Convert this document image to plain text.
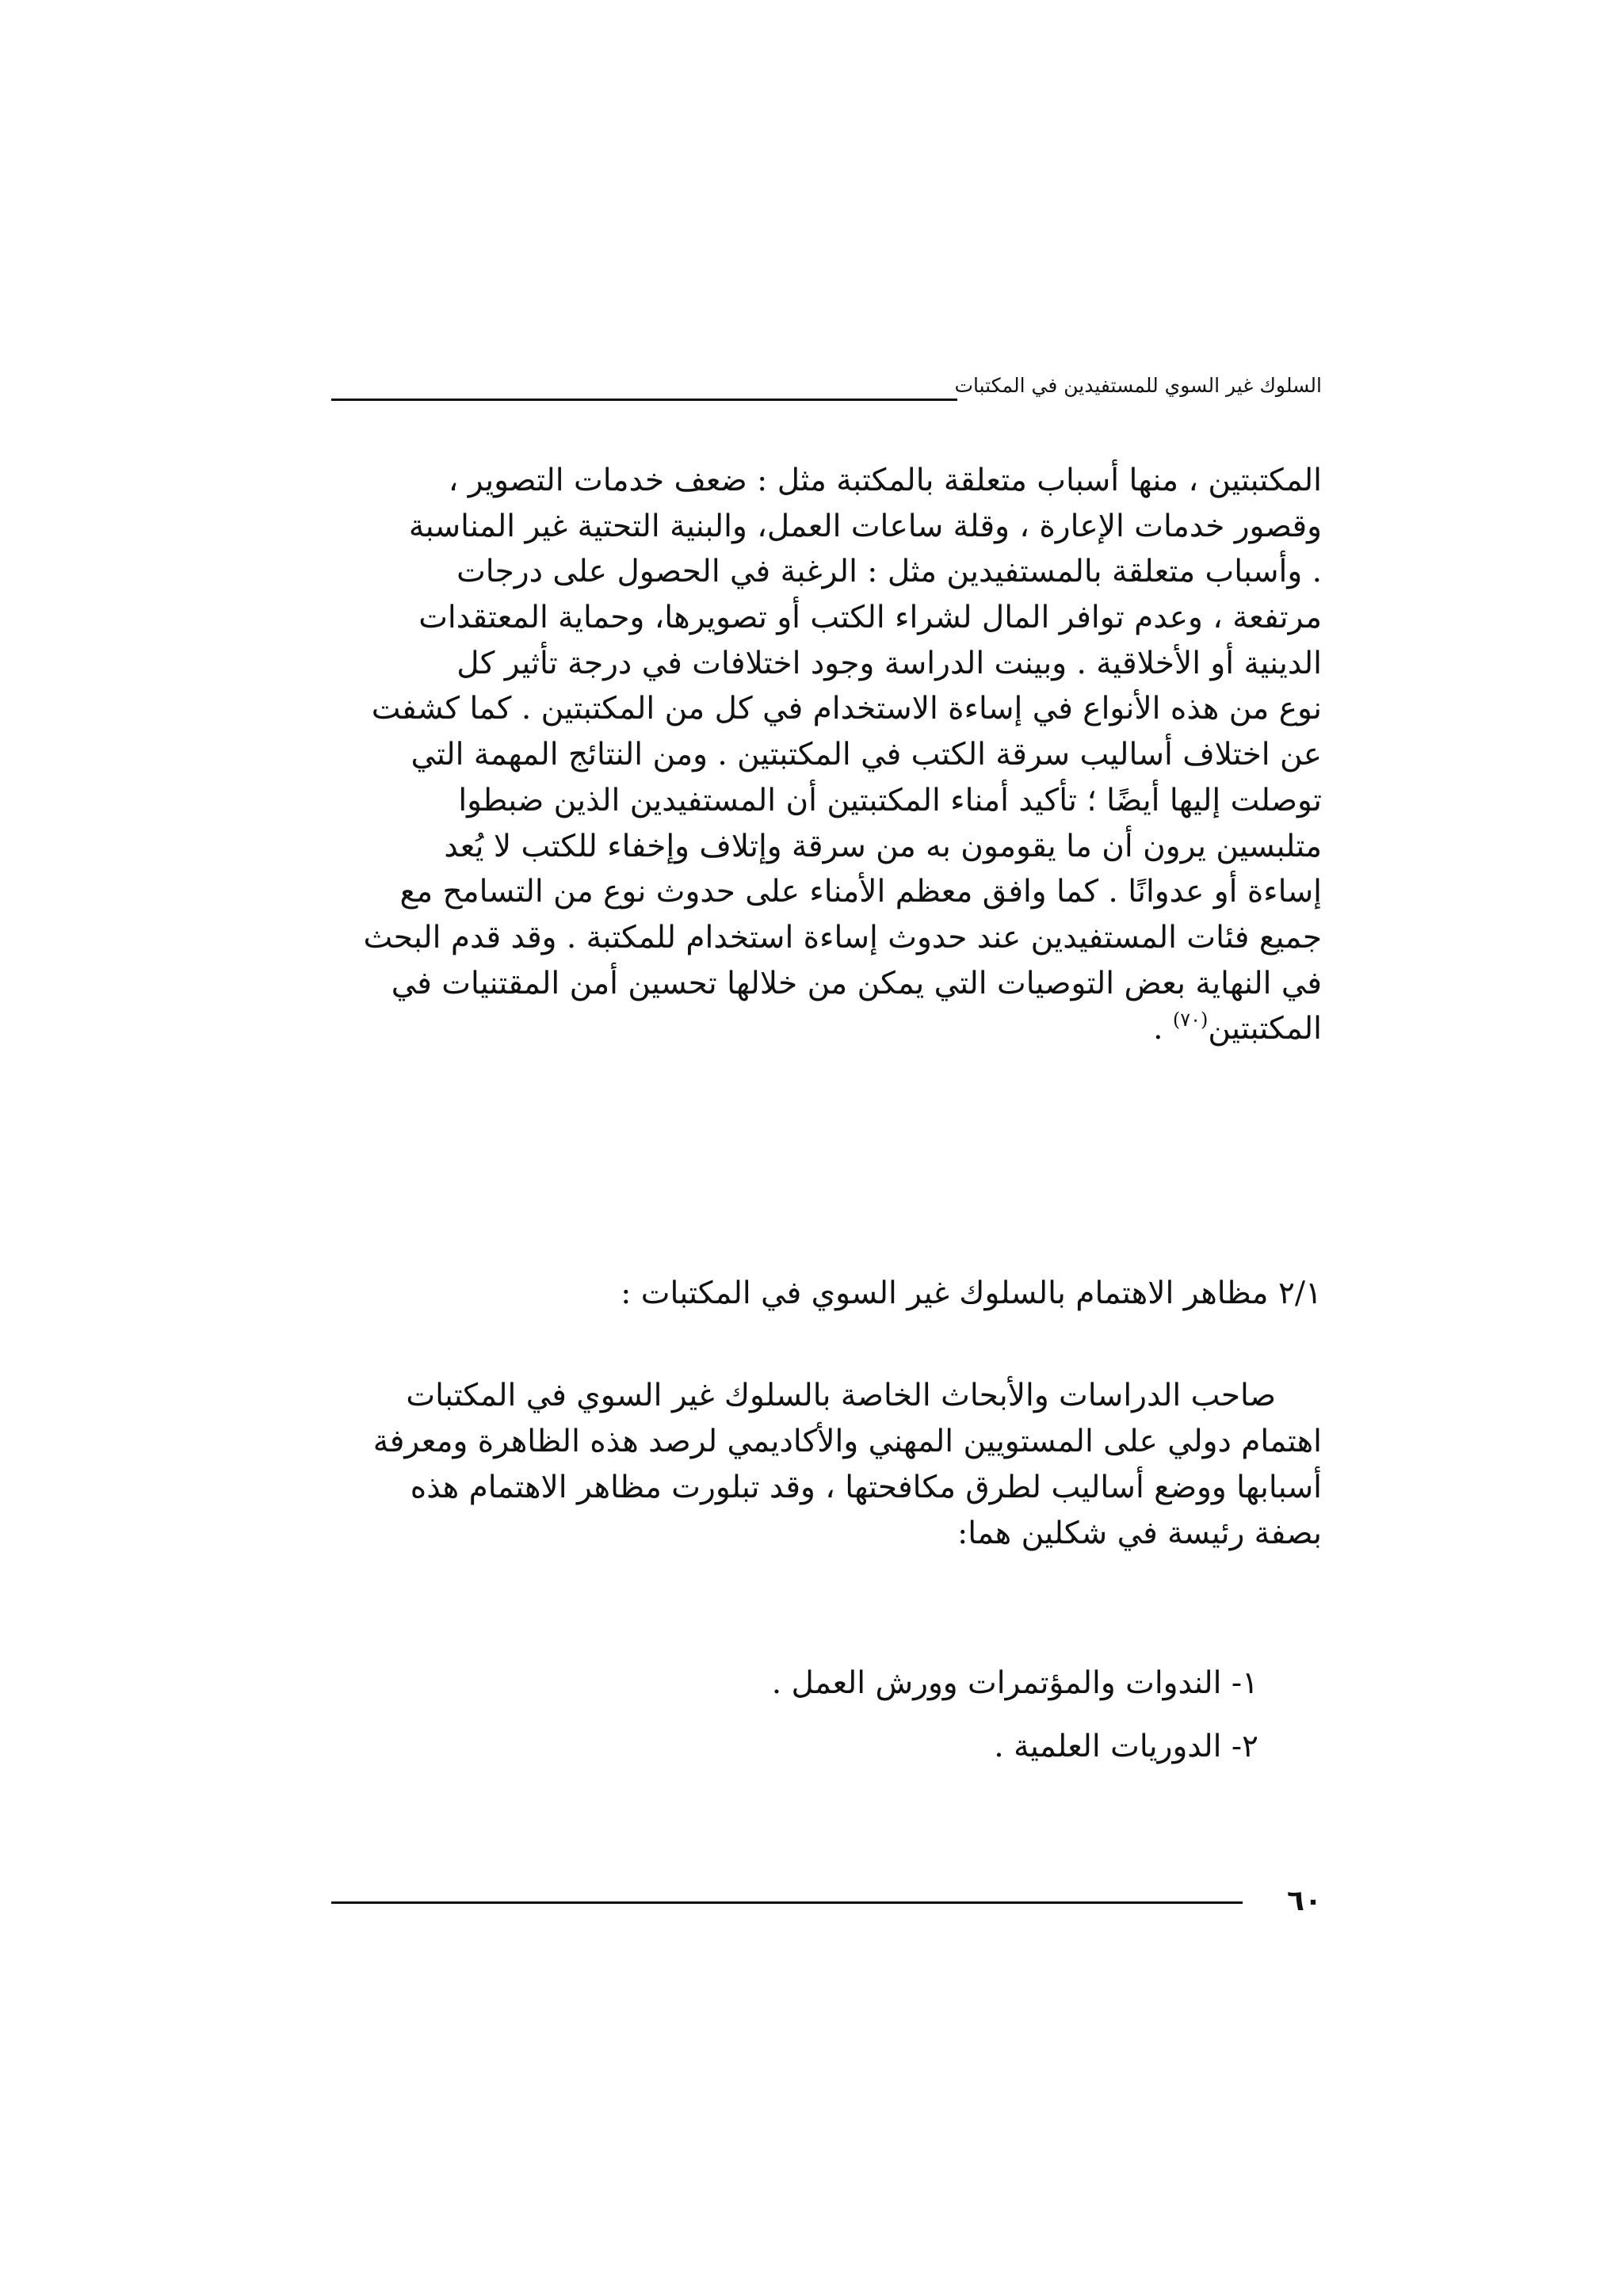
السلوك غير السوي للمستفيدين في المكتبات
المكتبتين ، منها أسباب متعلقة بالمكتبة مثل : ضعف خدمات التصوير ،
وقصور خدمات الإعارة ، وقلة ساعات العمل، والبنية التحتية غير المناسبة
. وأسباب متعلقة بالمستفيدين مثل : الرغبة في الحصول على درجات
مرتفعة ، وعدم توافر المال لشراء الكتب أو تصويرها، وحماية المعتقدات
الدينية أو الأخلاقية . وبينت الدراسة وجود اختلافات في درجة تأثير كل
نوع من هذه الأنواع في إساءة الاستخدام في كل من المكتبتين . كما كشفت
عن اختلاف أساليب سرقة الكتب في المكتبتين . ومن النتائج المهمة التي
توصلت إليها أيضًا ؛ تأكيد أمناء المكتبتين أن المستفيدين الذين ضبطوا
متلبسين يرون أن ما يقومون به من سرقة وإتلاف وإخفاء للكتب لا يُعد
إساءة أو عدوانًا . كما وافق معظم الأمناء على حدوث نوع من التسامح مع
جميع فئات المستفيدين عند حدوث إساءة استخدام للمكتبة . وقد قدم البحث
في النهاية بعض التوصيات التي يمكن من خلالها تحسين أمن المقتنيات في
المكتبتين$^{(٧٠)}$ .
٢/١ مظاهر الاهتمام بالسلوك غير السوي في المكتبات :
صاحب الدراسات والأبحاث الخاصة بالسلوك غير السوي في المكتبات
اهتمام دولي على المستويين المهني والأكاديمي لرصد هذه الظاهرة ومعرفة
أسبابها ووضع أساليب لطرق مكافحتها ، وقد تبلورت مظاهر الاهتمام هذه
بصفة رئيسة في شكلين هما:
١- الندوات والمؤتمرات وورش العمل .
٢- الدوريات العلمية .
٦٠
